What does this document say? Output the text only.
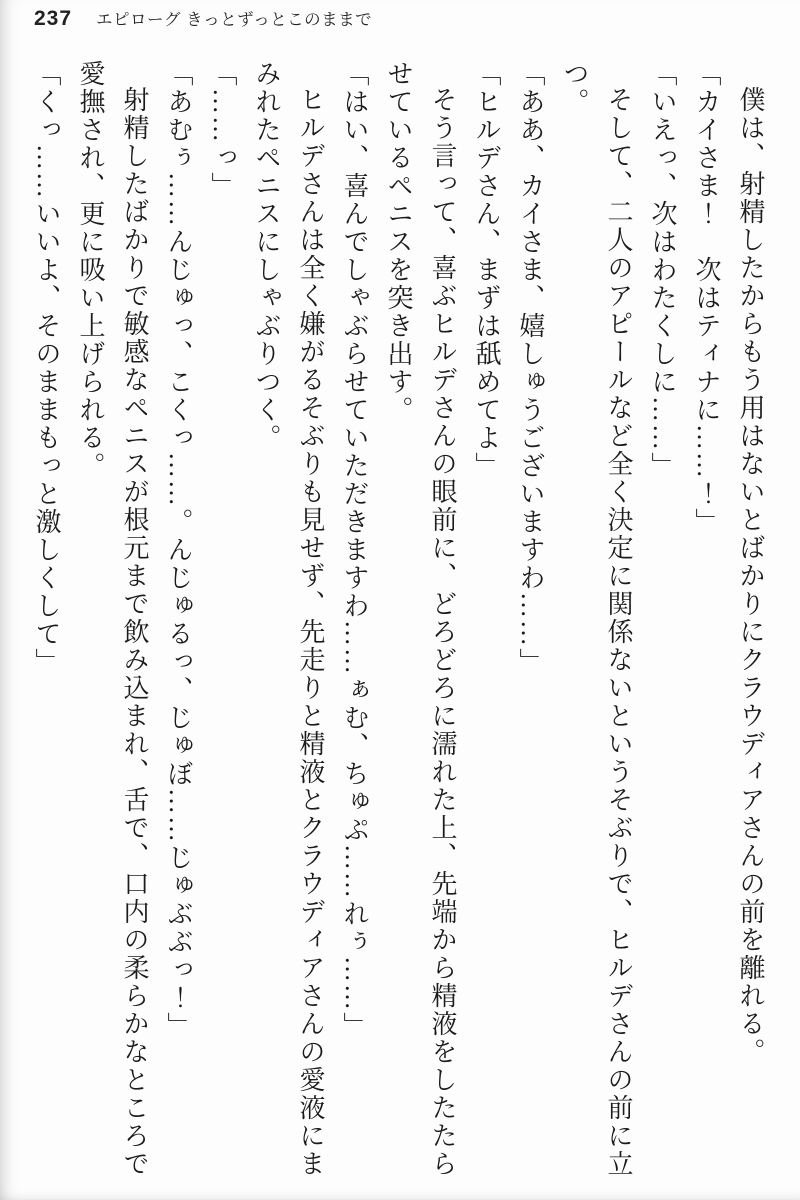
237 エピローグ きっとずっとこのままで

僕は、射精したからもう用はないとばかりにクラウディアさんの前を離れる。

「カイさま！　次はティナに……！」

「いえっ、次はわたくしに……」

そして、二人のアピールなど全く決定に関係ないというそぶりで、ヒルデさんの前に立つ。

「ああ、カイさま、嬉しゅうございますわ……」

「ヒルデさん、まずは舐めてよ」

そう言って、喜ぶヒルデさんの眼前に、どろどろに濡れた上、先端から精液をしたたらせているペニスを突き出す。

「はい、喜んでしゃぶらせていただきますわ……ぁむ、ちゅぷ……れぅ……」

ヒルデさんは全く嫌がるそぶりも見せず、先走りと精液とクラウディアさんの愛液にまみれたペニスにしゃぶりつく。

「……っ」

「あむぅ……んじゅっ、こくっ……。んじゅるっ、じゅぼ……じゅぶぶっ！」

射精したばかりで敏感なペニスが根元まで飲み込まれ、舌で、口内の柔らかなところで愛撫され、更に吸い上げられる。

「くっ……いいよ、そのままもっと激しくして」
